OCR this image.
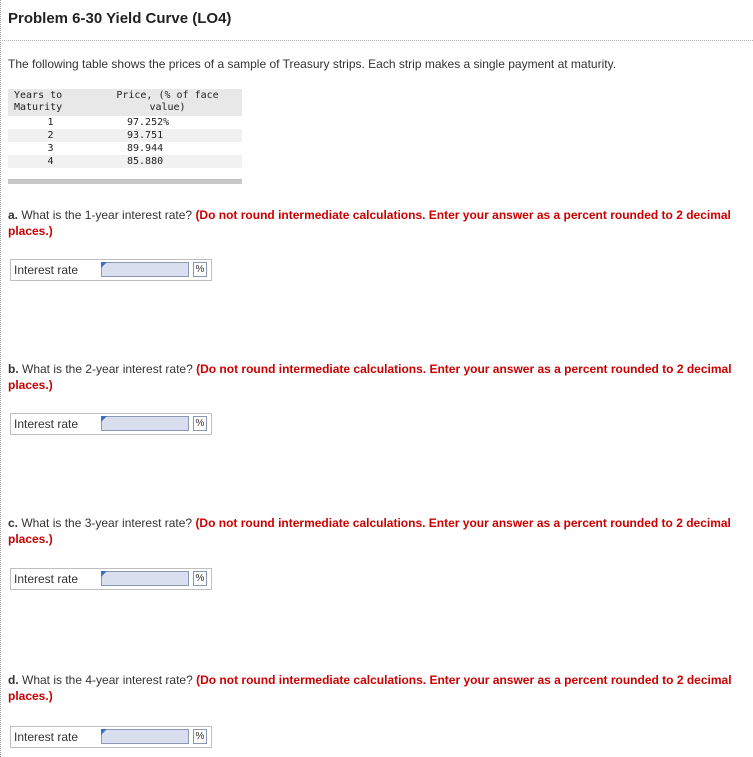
Problem 6-30 Yield Curve (LO4)
The following table shows the prices of a sample of Treasury strips. Each strip makes a single payment at maturity.
Years to Maturity	Price, (% of face value)
1	97.252%
2	93.751
3	89.944
4	85.880
a. What is the 1-year interest rate? (Do not round intermediate calculations. Enter your answer as a percent rounded to 2 decimal places.)
Interest rate	%
b. What is the 2-year interest rate? (Do not round intermediate calculations. Enter your answer as a percent rounded to 2 decimal places.)
Interest rate	%
c. What is the 3-year interest rate? (Do not round intermediate calculations. Enter your answer as a percent rounded to 2 decimal places.)
Interest rate	%
d. What is the 4-year interest rate? (Do not round intermediate calculations. Enter your answer as a percent rounded to 2 decimal places.)
Interest rate	%
